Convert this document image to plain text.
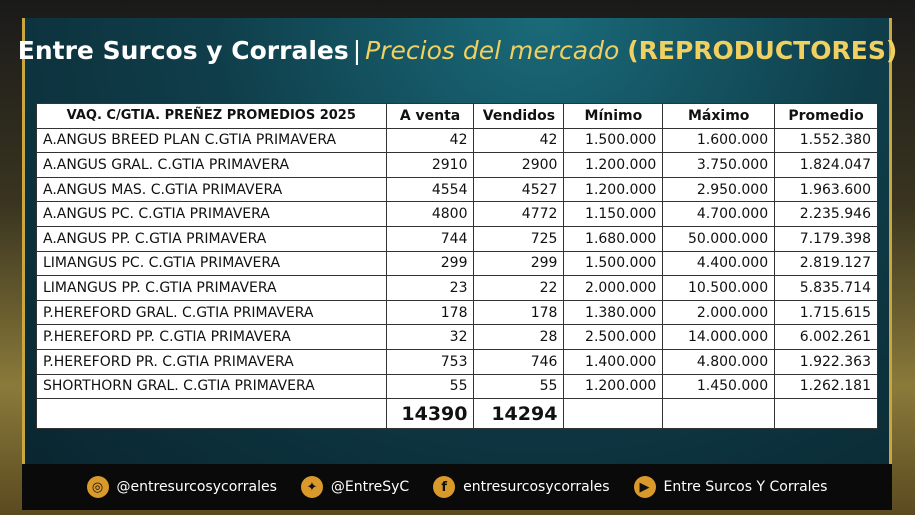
Entre Surcos y Corrales | Precios del mercado (REPRODUCTORES)
VAQ. C/GTIA. PREÑEZ PROMEDIOS 2025	A venta	Vendidos	Mínimo	Máximo	Promedio
A.ANGUS BREED PLAN C.GTIA PRIMAVERA	42	42	1.500.000	1.600.000	1.552.380
A.ANGUS GRAL. C.GTIA PRIMAVERA	2910	2900	1.200.000	3.750.000	1.824.047
A.ANGUS MAS. C.GTIA PRIMAVERA	4554	4527	1.200.000	2.950.000	1.963.600
A.ANGUS PC. C.GTIA PRIMAVERA	4800	4772	1.150.000	4.700.000	2.235.946
A.ANGUS PP. C.GTIA PRIMAVERA	744	725	1.680.000	50.000.000	7.179.398
LIMANGUS PC. C.GTIA PRIMAVERA	299	299	1.500.000	4.400.000	2.819.127
LIMANGUS PP. C.GTIA PRIMAVERA	23	22	2.000.000	10.500.000	5.835.714
P.HEREFORD GRAL. C.GTIA PRIMAVERA	178	178	1.380.000	2.000.000	1.715.615
P.HEREFORD PP. C.GTIA PRIMAVERA	32	28	2.500.000	14.000.000	6.002.261
P.HEREFORD PR. C.GTIA PRIMAVERA	753	746	1.400.000	4.800.000	1.922.363
SHORTHORN GRAL. C.GTIA PRIMAVERA	55	55	1.200.000	1.450.000	1.262.181
	14390	14294			
◎ @entresurcosycorrales	✦ @EntreSyC	f	entresurcosycorrales	▶	Entre Surcos Y Corrales
